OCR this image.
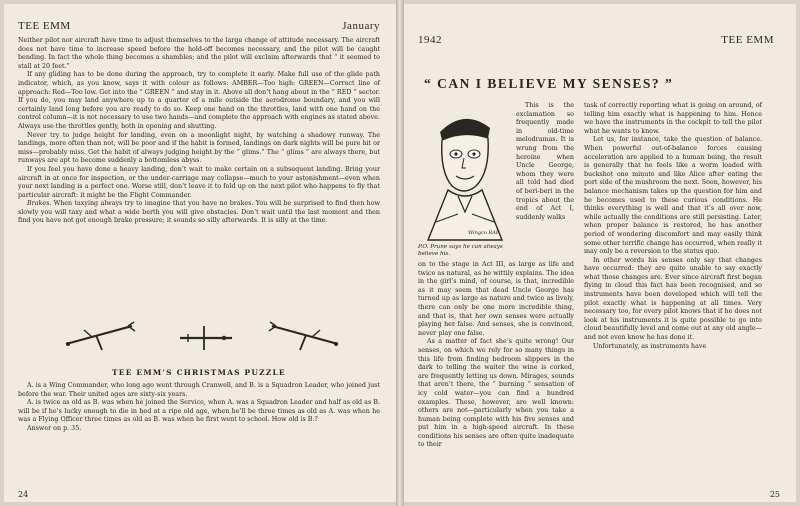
TEE EMM	January

Neither pilot nor aircraft have time to adjust themselves to the large change of attitude necessary. The aircraft does not have time to increase speed before the hold-off becomes necessary, and the pilot will be caught bending. In fact the whole thing becomes a shambles; and the pilot will exclaim afterwards that “ it seemed to stall at 20 feet.”

If any gliding has to be done during the approach, try to complete it early. Make full use of the glide path indicator, which, as you know, says it with colour as follows: AMBER—Too high: GREEN—Correct line of approach: Red—Too low. Get into the “ GREEN ” and stay in it. Above all don’t hang about in the “ RED ” sector. If you do, you may land anywhere up to a quarter of a mile outside the aerodrome boundary, and you will certainly land long before you are ready to do so. Keep one hand on the throttles, land with one hand on the control column—it is not necessary to use two hands—and complete the approach with engines as stated above. Always use the throttles gently, both in opening and shutting.

Never try to judge height for landing, even on a moonlight night, by watching a shadowy runway. The landings, more often than not, will be poor and if the habit is formed, landings on dark nights will be pure hit or miss—probably miss. Get the habit of always judging height by the “ glims.” The “ glims ” are always there, but runways are apt to become suddenly a bottomless abyss.

If you feel you have done a heavy landing, don’t wait to make certain on a subsequent landing. Bring your aircraft in at once for inspection, or the under-carriage may collapse—much to your astonishment—even when your next landing is a perfect one. Worse still, don’t leave it to fold up on the next pilot who happens to fly that particular aircraft: it might be the Flight Commander.

Brakes. When taxying always try to imagine that you have no brakes. You will be surprised to find then how slowly you will taxy and what a wide berth you will give obstacles. Don’t wait until the last moment and then find you have not got enough brake pressure; it sounds so silly afterwards. It is silly at the time.

TEE EMM’S CHRISTMAS PUZZLE

A. is a Wing Commander, who long ago went through Cranwell, and B. is a Squadron Leader, who joined just before the war. Their united ages are sixty-six years.

A. is twice as old as B. was when he joined the Service, when A. was a Squadron Leader and half as old as B. will be if he’s lucky enough to die in bed at a ripe old age, when he’ll be three times as old as A. was when he was a Flying Officer three times as old as B. was when he first went to school. How old is B.?

Answer on p. 35.

24
1942	TEE EMM
“ CAN I BELIEVE MY SENSES? ”
Wingco RAF
P.O. Prune says he can always believe his.

This is the exclamation so frequently made in old-time melodramas. It is wrung from the heroine when Uncle George, whom they were all told had died of beri-beri in the tropics about the end of Act I, suddenly walks

on to the stage in Act III, as large as life and twice as natural, as he wittily explains. The idea in the girl’s mind, of course, is that, incredible as it may seem that dead Uncle George has turned up as large as nature and twice as lively, there can only be one more incredible thing, and that is, that her own senses were actually playing her false. And senses, she is convinced, never play one false.

As a matter of fact she’s quite wrong! Our senses, on which we rely for so many things in this life from finding bedroom slippers in the dark to telling the waiter the wine is corked, are frequently letting us down. Mirages, sounds that aren’t there, the “ burning ” sensation of icy cold water—you can find a hundred examples. These, however, are well known: others are not—particularly when you take a human being complete with his five senses and put him in a high-speed aircraft. In these conditions his senses are often quite inadequate to their

task of correctly reporting what is going on around, of telling him exactly what is happening to him. Hence we have the instruments in the cockpit to tell the pilot what he wants to know.

Let us, for instance, take the question of balance. When powerful out-of-balance forces causing acceleration are applied to a human being, the result is generally that he feels like a worm loaded with buckshot one minute and like Alice after eating the port side of the mushroom the next. Soon, however, his balance mechanism takes up the question for him and he becomes used to these curious conditions. He thinks everything is well and that it’s all over now, while actually the conditions are still persisting. Later, when proper balance is restored, he has another period of wondering discomfort and may easily think some other terrific change has occurred, when really it may only be a reversion to the status quo.

In other words his senses only say that changes have occurred: they are quite unable to say exactly what those changes are. Ever since aircraft first began flying in cloud this fact has been recognised, and so instruments have been developed which will tell the pilot exactly what is happening at all times. Very necessary too, for every pilot knows that if he does not look at his instruments it is quite possible to go into cloud beautifully level and come out at any old angle—and not even know he has done it.

Unfortunately, as instruments have

25
